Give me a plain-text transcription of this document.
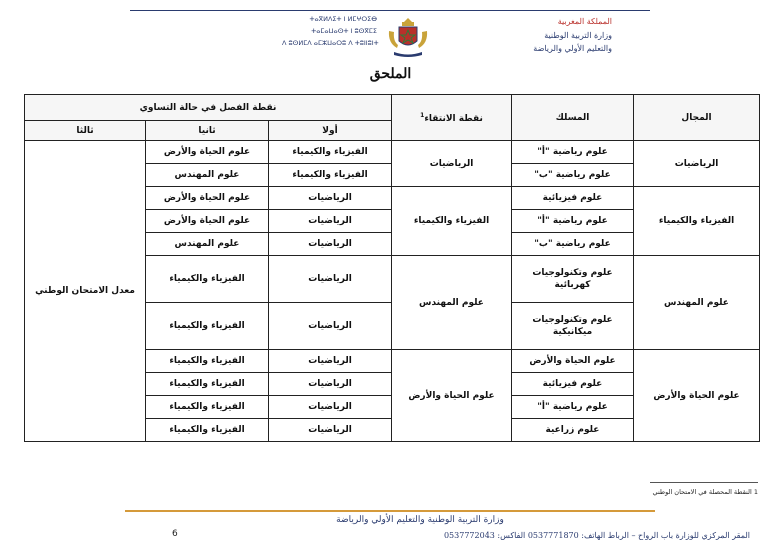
ⵜⴰⴳⵍⴷⵉⵜ ⵏ ⵍⵎⵖⵔⵉⴱ
ⵜⴰⵎⴰⵡⴰⵙⵜ ⵏ ⵓⵙⴳⵎⵉ
ⴷ ⵓⵙⵍⵎⴷ ⴰⵎⵣⵡⴰⵔⵓ ⴷ ⵜⵓⵏⵏⵓⵏⵜ
المملكة المغربية
وزارة التربية الوطنية
والتعليم الأولي والرياضة
الملحق
المجال	المسلك	نقطة الانتقاء$^1$	نقطة الفصل في حالة التساوي		
			أولا	ثانيا	ثالثا
الرياضيات	علوم رياضية "أ"	الرياضيات	الفيزياء والكيمياء	علوم الحياة والأرض	معدل الامتحان الوطني
	علوم رياضية "ب"		الفيزياء والكيمياء	علوم المهندس	
الفيزياء والكيمياء	علوم فيزيائية	الفيزياء والكيمياء	الرياضيات	علوم الحياة والأرض	
	علوم رياضية "أ"		الرياضيات	علوم الحياة والأرض	
	علوم رياضية "ب"		الرياضيات	علوم المهندس	
علوم المهندس	علوم وتكنولوجيات كهربائية	علوم المهندس	الرياضيات	الفيزياء والكيمياء	
	علوم وتكنولوجيات ميكانيكية		الرياضيات	الفيزياء والكيمياء	
علوم الحياة والأرض	علوم الحياة والأرض	علوم الحياة والأرض	الرياضيات	الفيزياء والكيمياء	
	علوم فيزيائية		الرياضيات	الفيزياء والكيمياء	
	علوم رياضية "أ"		الرياضيات	الفيزياء والكيمياء	
	علوم زراعية		الرياضيات	الفيزياء والكيمياء	
1 النقطة المحصلة في الامتحان الوطني
وزارة التربية الوطنية والتعليم الأولي والرياضة
المقر المركزي للوزارة باب الرواح – الرباط الهاتف: 0537771870 الفاكس: 0537772043
6
